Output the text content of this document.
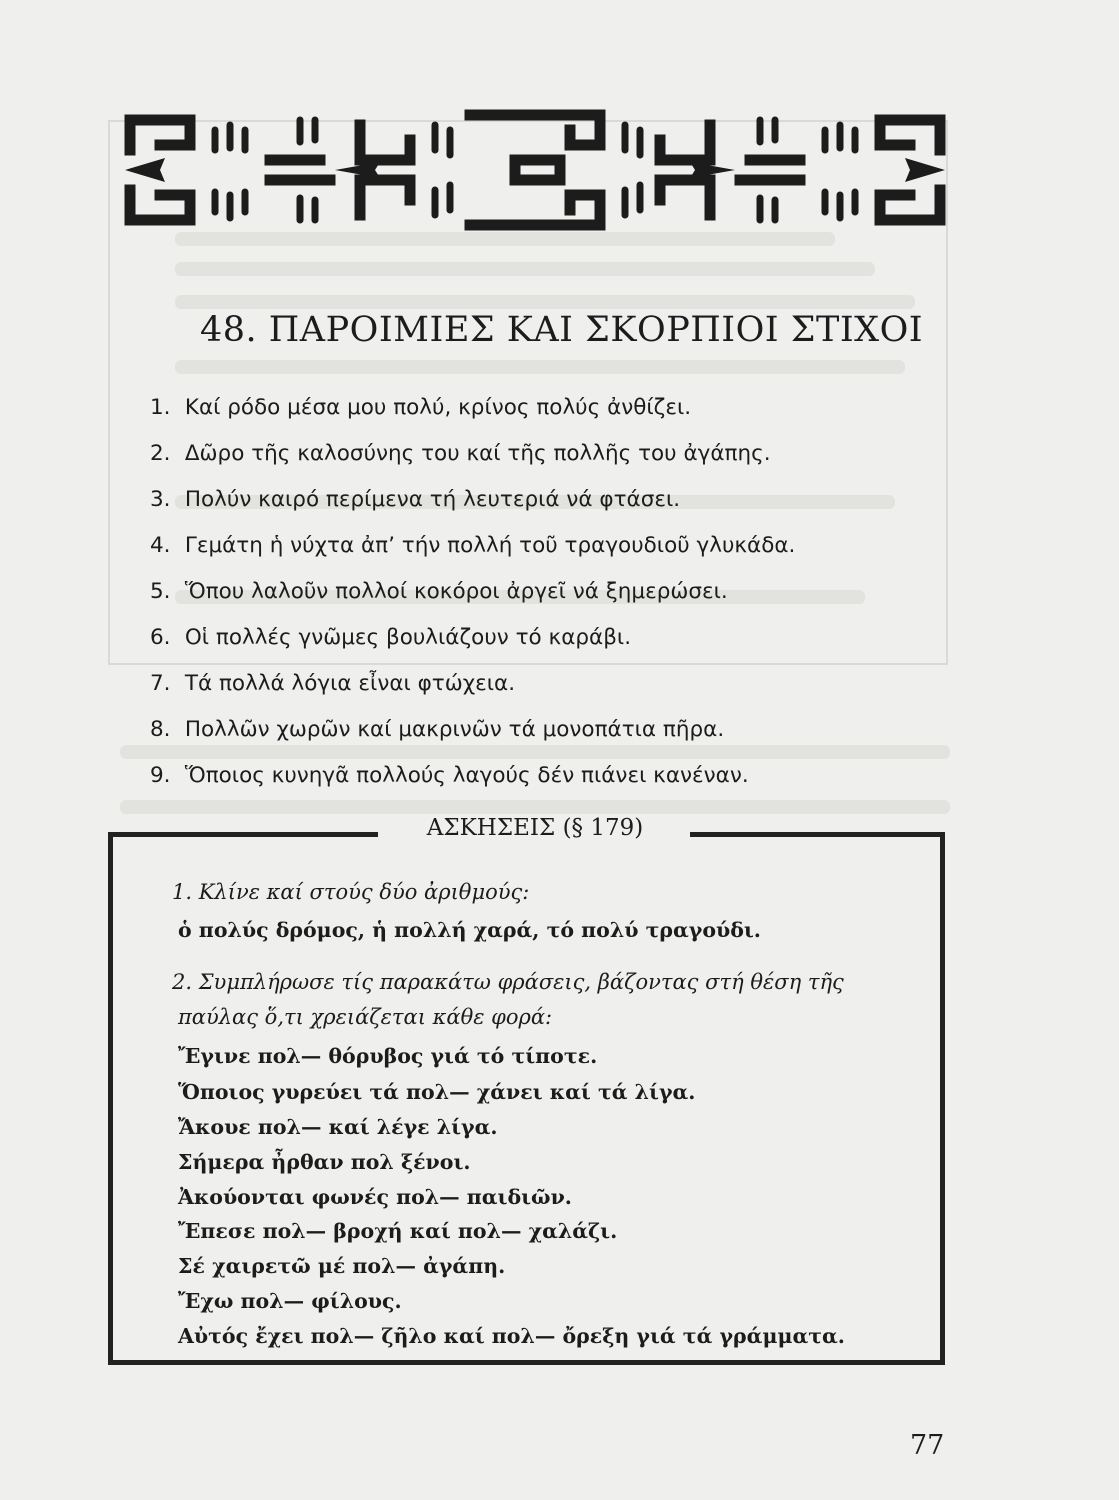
48. ΠΑΡΟΙΜΙΕΣ ΚΑΙ ΣΚΟΡΠΙΟΙ ΣΤΙΧΟΙ
1. Καί ρόδο μέσα μου πολύ, κρίνος πολύς ἀνθίζει.
2. Δῶρο τῆς καλοσύνης του καί τῆς πολλῆς του ἀγάπης.
3. Πολύν καιρό περίμενα τή λευτεριά νά φτάσει.
4. Γεμάτη ἡ νύχτα ἀπ’ τήν πολλή τοῦ τραγουδιοῦ γλυκάδα.
5. Ὅπου λαλοῦν πολλοί κοκόροι ἀργεῖ νά ξημερώσει.
6. Οἱ πολλές γνῶμες βουλιάζουν τό καράβι.
7. Τά πολλά λόγια εἶναι φτώχεια.
8. Πολλῶν χωρῶν καί μακρινῶν τά μονοπάτια πῆρα.
9. Ὅποιος κυνηγᾶ πολλούς λαγούς δέν πιάνει κανέναν.
ΑΣΚΗΣΕΙΣ (§ 179)
1. Κλίνε καί στούς δύο ἀριθμούς:
ὁ πολύς δρόμος, ἡ πολλή χαρά, τό πολύ τραγούδι.
2. Συμπλήρωσε τίς παρακάτω φράσεις, βάζοντας στή θέση τῆς
παύλας ὅ,τι χρειάζεται κάθε φορά:
Ἔγινε πολ— θόρυβος γιά τό τίποτε.
Ὅποιος γυρεύει τά πολ— χάνει καί τά λίγα.
Ἄκουε πολ— καί λέγε λίγα.
Σήμερα ἦρθαν πολ ξένοι.
Ἀκούονται φωνές πολ— παιδιῶν.
Ἔπεσε πολ— βροχή καί πολ— χαλάζι.
Σέ χαιρετῶ μέ πολ— ἀγάπη.
Ἔχω πολ— φίλους.
Αὐτός ἔχει πολ— ζῆλο καί πολ— ὄρεξη γιά τά γράμματα.
77
